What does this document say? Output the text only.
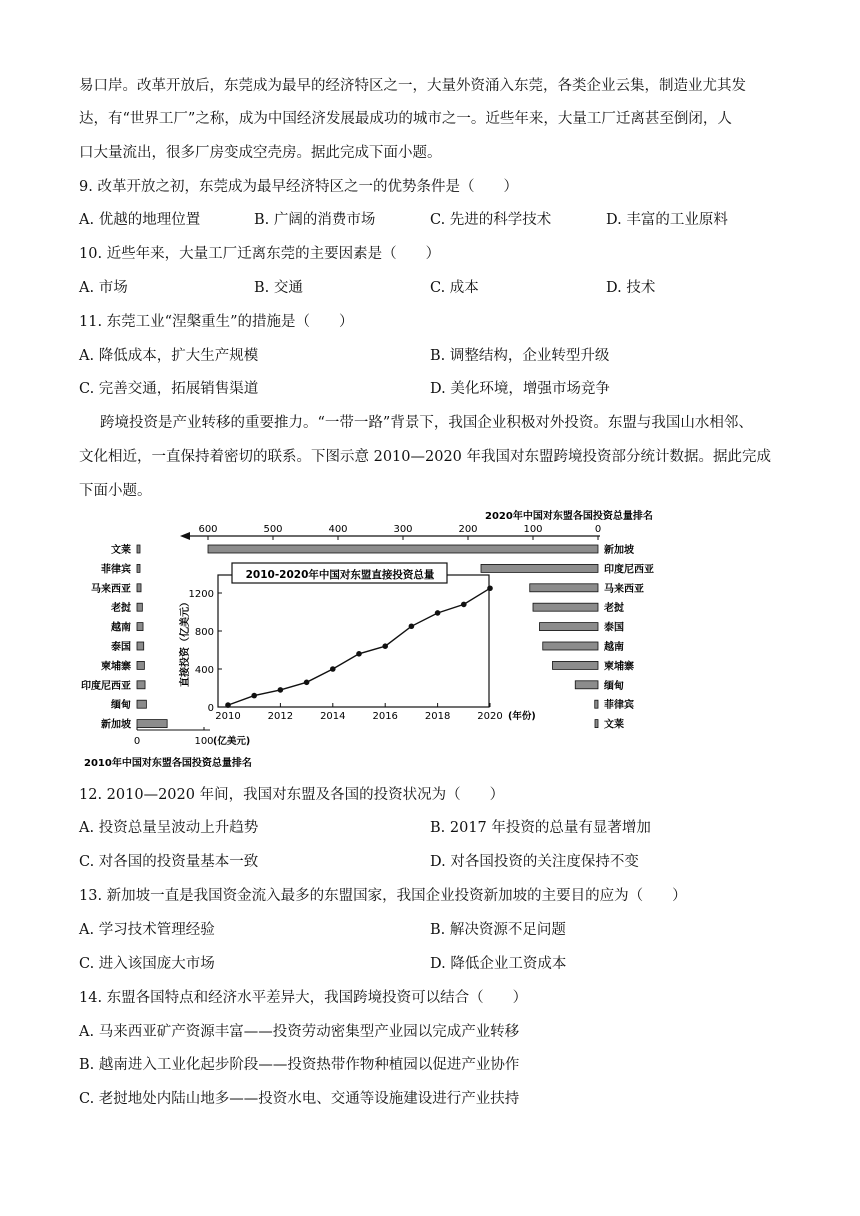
易口岸。改革开放后，东莞成为最早的经济特区之一，大量外资涌入东莞，各类企业云集，制造业尤其发
达，有“世界工厂”之称，成为中国经济发展最成功的城市之一。近些年来，大量工厂迁离甚至倒闭，人
口大量流出，很多厂房变成空壳房。据此完成下面小题。
9. 改革开放之初，东莞成为最早经济特区之一的优势条件是（　　）
A. 优越的地理位置	B. 广阔的消费市场	C. 先进的科学技术	D. 丰富的工业原料
10. 近些年来，大量工厂迁离东莞的主要因素是（　　）
A. 市场	B. 交通	C. 成本	D. 技术
11. 东莞工业“涅槃重生”的措施是（　　）
A. 降低成本，扩大生产规模	B. 调整结构，企业转型升级
C. 完善交通，拓展销售渠道	D. 美化环境，增强市场竞争
跨境投资是产业转移的重要推力。“一带一路”背景下，我国企业积极对外投资。东盟与我国山水相邻、
文化相近，一直保持着密切的联系。下图示意 2010—2020 年我国对东盟跨境投资部分统计数据。据此完成
下面小题。
2020年中国对东盟各国投资总量排名
600	500	400	300	200	100	0
新加坡
印度尼西亚
马来西亚
老挝
泰国
越南
柬埔寨
缅甸
菲律宾
文莱
2010-2020年中国对东盟直接投资总量
直接投资（亿美元）
0
400
800
1200
2010	2012	2014	2016	2018	2020 (年份)
文莱
菲律宾
马来西亚
老挝
越南
泰国
柬埔寨
印度尼西亚
缅甸
新加坡
0	100 (亿美元)
2010年中国对东盟各国投资总量排名
12. 2010—2020 年间，我国对东盟及各国的投资状况为（　　）
A. 投资总量呈波动上升趋势	B. 2017 年投资的总量有显著增加
C. 对各国的投资量基本一致	D. 对各国投资的关注度保持不变
13. 新加坡一直是我国资金流入最多的东盟国家，我国企业投资新加坡的主要目的应为（　　）
A. 学习技术管理经验	B. 解决资源不足问题
C. 进入该国庞大市场	D. 降低企业工资成本
14. 东盟各国特点和经济水平差异大，我国跨境投资可以结合（　　）
A. 马来西亚矿产资源丰富——投资劳动密集型产业园以完成产业转移
B. 越南进入工业化起步阶段——投资热带作物种植园以促进产业协作
C. 老挝地处内陆山地多——投资水电、交通等设施建设进行产业扶持
